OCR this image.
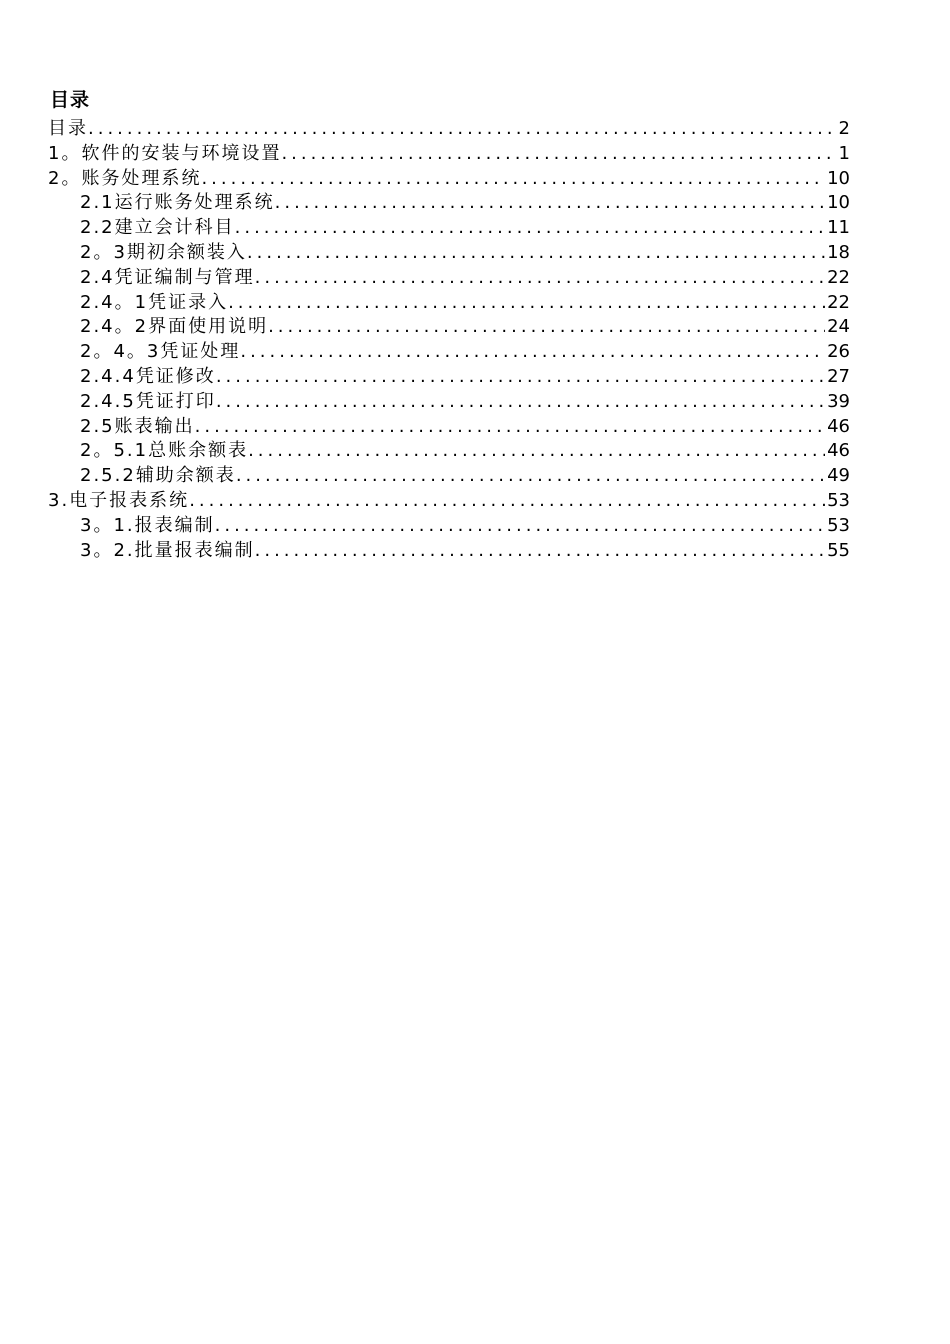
目录
目录 .....	2
1。 软件的安装与环境设置 .....	1
2。 账务处理系统 .....	10
2.1 运行账务处理系统 .....	10
2.2 建立会计科目 .....	11
2。3 期初余额装入 .....	18
2.4 凭证编制与管理 .....	22
2.4。1 凭证录入 .....	22
2.4。2 界面使用说明 .....	24
2。4。3 凭证处理 .....	26
2.4.4 凭证修改 .....	27
2.4.5 凭证打印 .....	39
2.5 账表输出 .....	46
2。5.1 总账余额表 .....	46
2.5.2 辅助余额表 .....	49
3. 电子报表系统 .....	53
3。1. 报表编制 .....	53
3。2. 批量报表编制 .....	55
